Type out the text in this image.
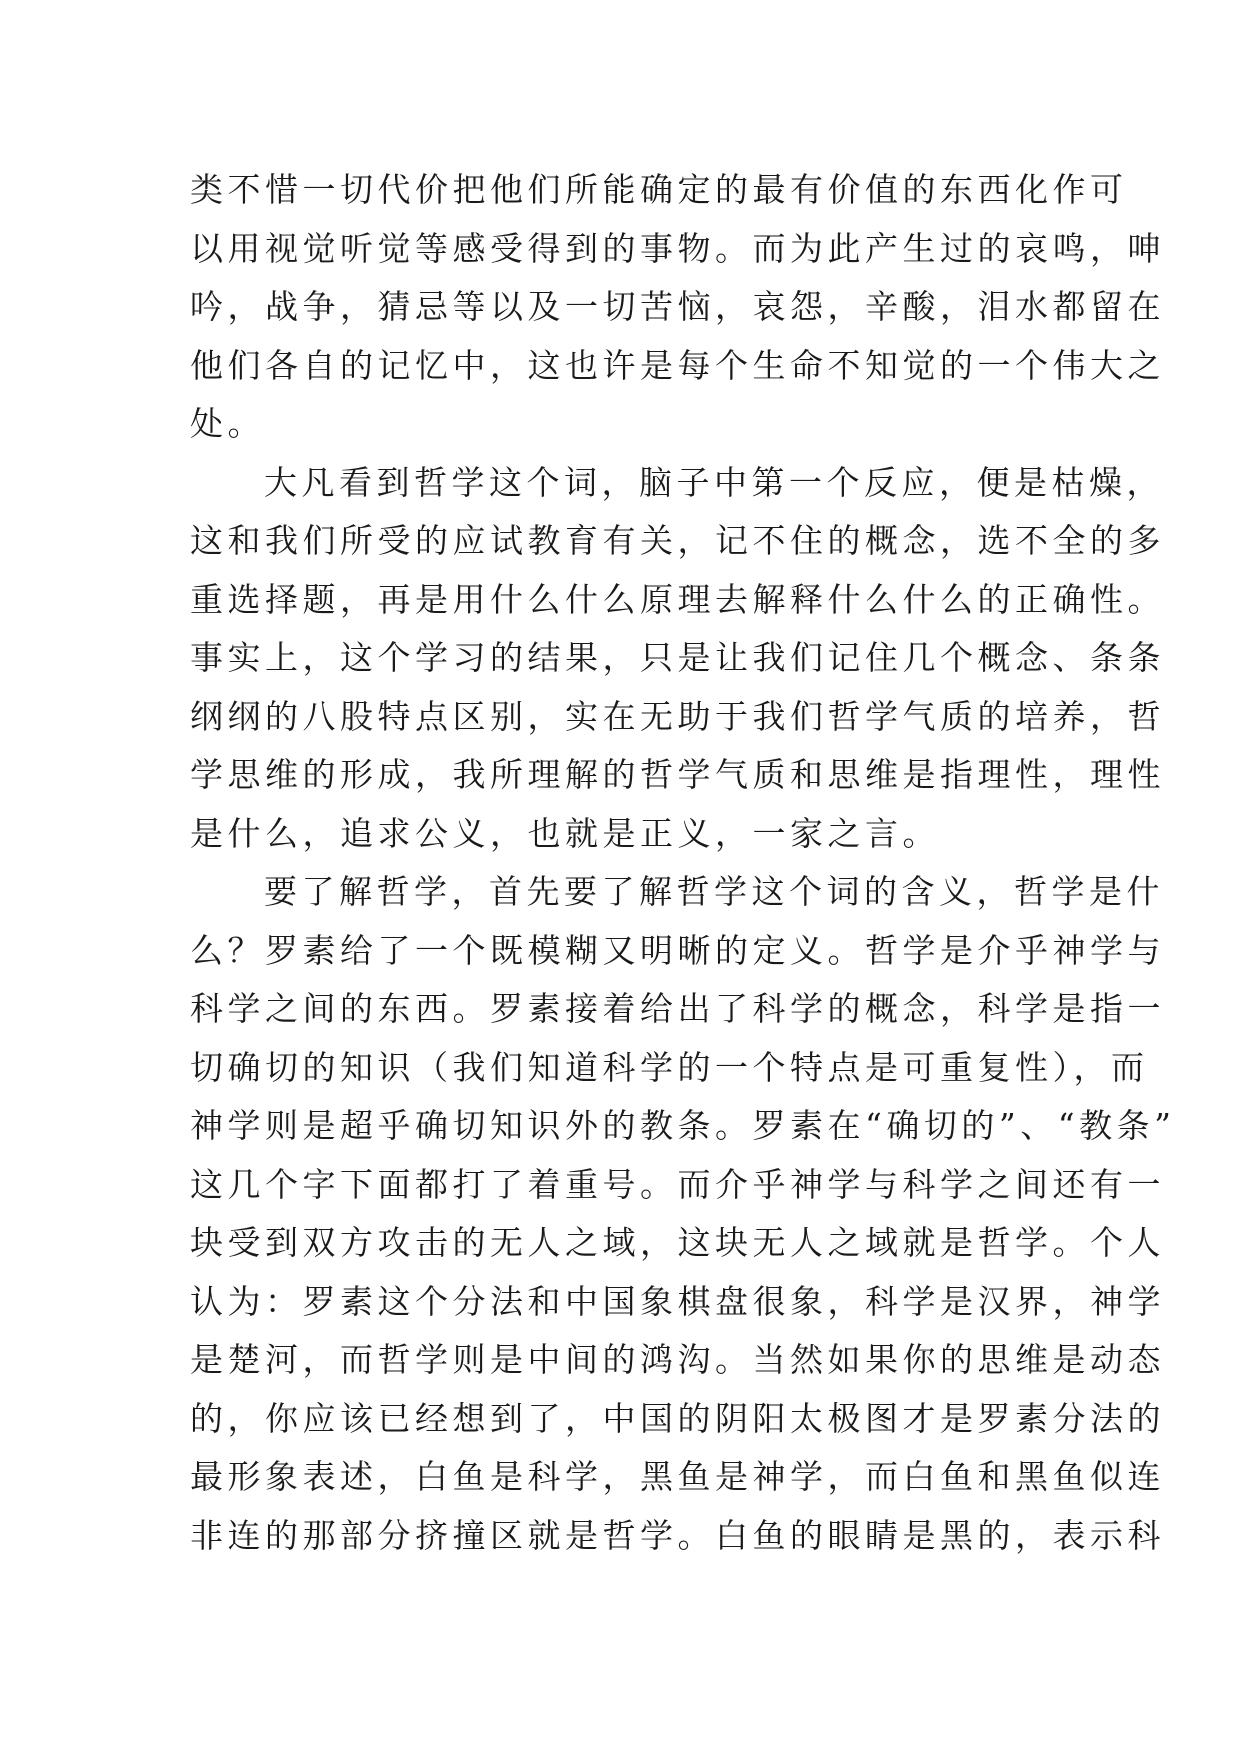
类不惜一切代价把他们所能确定的最有价值的东西化作可
以用视觉听觉等感受得到的事物。而为此产生过的哀鸣，呻
吟，战争，猜忌等以及一切苦恼，哀怨，辛酸，泪水都留在
他们各自的记忆中，这也许是每个生命不知觉的一个伟大之
处。
大凡看到哲学这个词，脑子中第一个反应，便是枯燥，
这和我们所受的应试教育有关，记不住的概念，选不全的多
重选择题，再是用什么什么原理去解释什么什么的正确性。
事实上，这个学习的结果，只是让我们记住几个概念、条条
纲纲的八股特点区别，实在无助于我们哲学气质的培养，哲
学思维的形成，我所理解的哲学气质和思维是指理性，理性
是什么，追求公义，也就是正义，一家之言。
要了解哲学，首先要了解哲学这个词的含义，哲学是什
么？罗素给了一个既模糊又明晰的定义。哲学是介乎神学与
科学之间的东西。罗素接着给出了科学的概念，科学是指一
切确切的知识（我们知道科学的一个特点是可重复性），而
神学则是超乎确切知识外的教条。罗素在“确切的”、“教条”
这几个字下面都打了着重号。而介乎神学与科学之间还有一
块受到双方攻击的无人之域，这块无人之域就是哲学。个人
认为：罗素这个分法和中国象棋盘很象，科学是汉界，神学
是楚河，而哲学则是中间的鸿沟。当然如果你的思维是动态
的，你应该已经想到了，中国的阴阳太极图才是罗素分法的
最形象表述，白鱼是科学，黑鱼是神学，而白鱼和黑鱼似连
非连的那部分挤撞区就是哲学。白鱼的眼睛是黑的，表示科
